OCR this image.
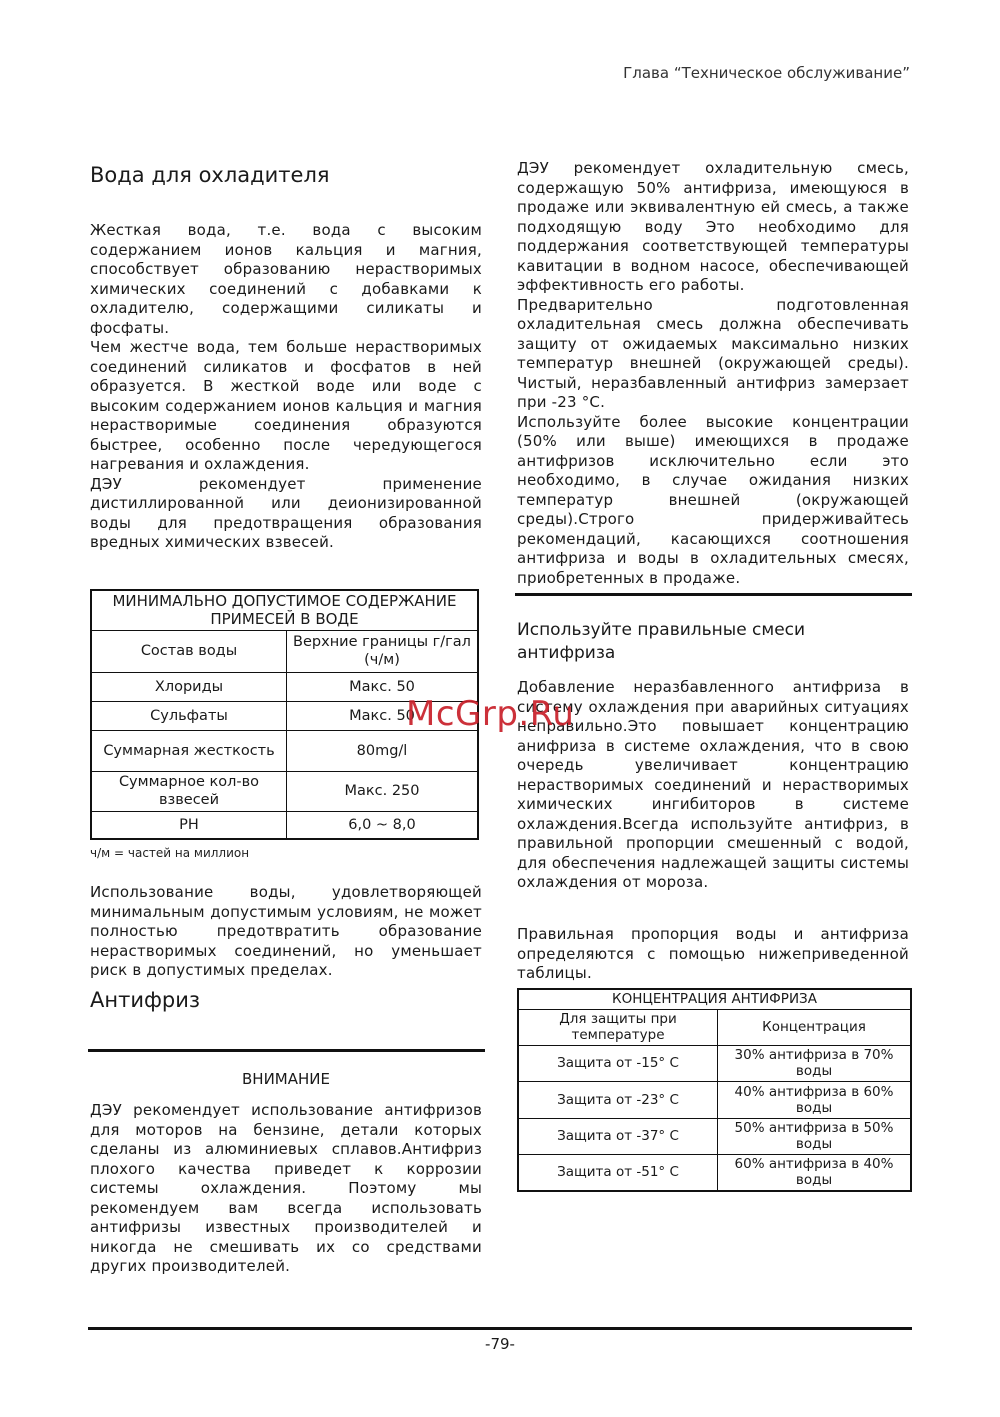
Глава “Техническое обслуживание”
Вода для охладителя

Жесткая вода, т.е. вода с высоким содержанием ионов кальция и магния, способствует образованию нерастворимых химических соединений с добавками к охладителю, содержащими силикаты и фосфаты.

Чем жестче вода, тем больше нерастворимых соединений силикатов и фосфатов в ней образуется. В жесткой воде или воде с высоким содержанием ионов кальция и магния нерастворимые соединения образуются быстрее, особенно после чередующегося нагревания и охлаждения.

ДЭУ рекомендует применение дистиллированной или деионизированной воды для предотвращения образования вредных химических взвесей.

МИНИМАЛЬНО ДОПУСТИМОЕ СОДЕРЖАНИЕ ПРИМЕСЕЙ В ВОДЕ	
Состав воды	Верхние границы г/гал (ч/м)
Хлориды	Макс. 50
Сульфаты	Макс. 50
Суммарная жесткость	80mg/l
Суммарное кол-во взвесей	Макс. 250
PH	6,0 ~ 8,0
ч/м = частей на миллион

Использование воды, удовлетворяющей минимальным допустимым условиям, не может полностью предотвратить образование нерастворимых соединений, но уменьшает риск в допустимых пределах.

Антифриз
ВНИМАНИЕ

ДЭУ рекомендует использование антифризов для моторов на бензине, детали которых сделаны из алюминиевых сплавов.Антифриз плохого качества приведет к коррозии системы охлаждения. Поэтому мы рекомендуем вам всегда использовать антифризы известных производителей и никогда не смешивать их со средствами других производителей.

ДЭУ рекомендует охладительную смесь, содержащую 50% антифриза, имеющуюся в продаже или эквивалентную ей смесь, а также подходящую воду Это необходимо для поддержания соответствующей температуры кавитации в водном насосе, обеспечивающей эффективность его работы.

Предварительно подготовленная охладительная смесь должна обеспечивать защиту от ожидаемых максимально низких температур внешней (окружающей среды). Чистый, неразбавленный антифриз замерзает при -23 °С.

Используйте более высокие концентрации (50% или выше) имеющихся в продаже антифризов исключительно если это необходимо, в случае ожидания низких температур внешней (окружающей среды).Строго придерживайтесь рекомендаций, касающихся соотношения антифриза и воды в охладительных смесях, приобретенных в продаже.

Используйте правильные смеси антифриза

Добавление неразбавленного антифриза в систему охлаждения при аварийных ситуациях неправильно.Это повышает концентрацию анифриза в системе охлаждения, что в свою очередь увеличивает концентрацию нерастворимых соединений и нерастворимых химических ингибиторов в системе охлаждения.Всегда используйте антифриз, в правильной пропорции смешенный с водой, для обеспечения надлежащей защиты системы охлаждения от мороза.

Правильная пропорция воды и антифриза определяются с помощью нижеприведенной таблицы.

КОНЦЕНТРАЦИЯ АНТИФРИЗА	
Для защиты при температуре	Концентрация
Защита от -15° С	30% антифриза в 70% воды
Защита от -23° С	40% антифриза в 60% воды
Защита от -37° С	50% антифриза в 50% воды
Защита от -51° С	60% антифриза в 40% воды
McGrp.Ru
-79-
